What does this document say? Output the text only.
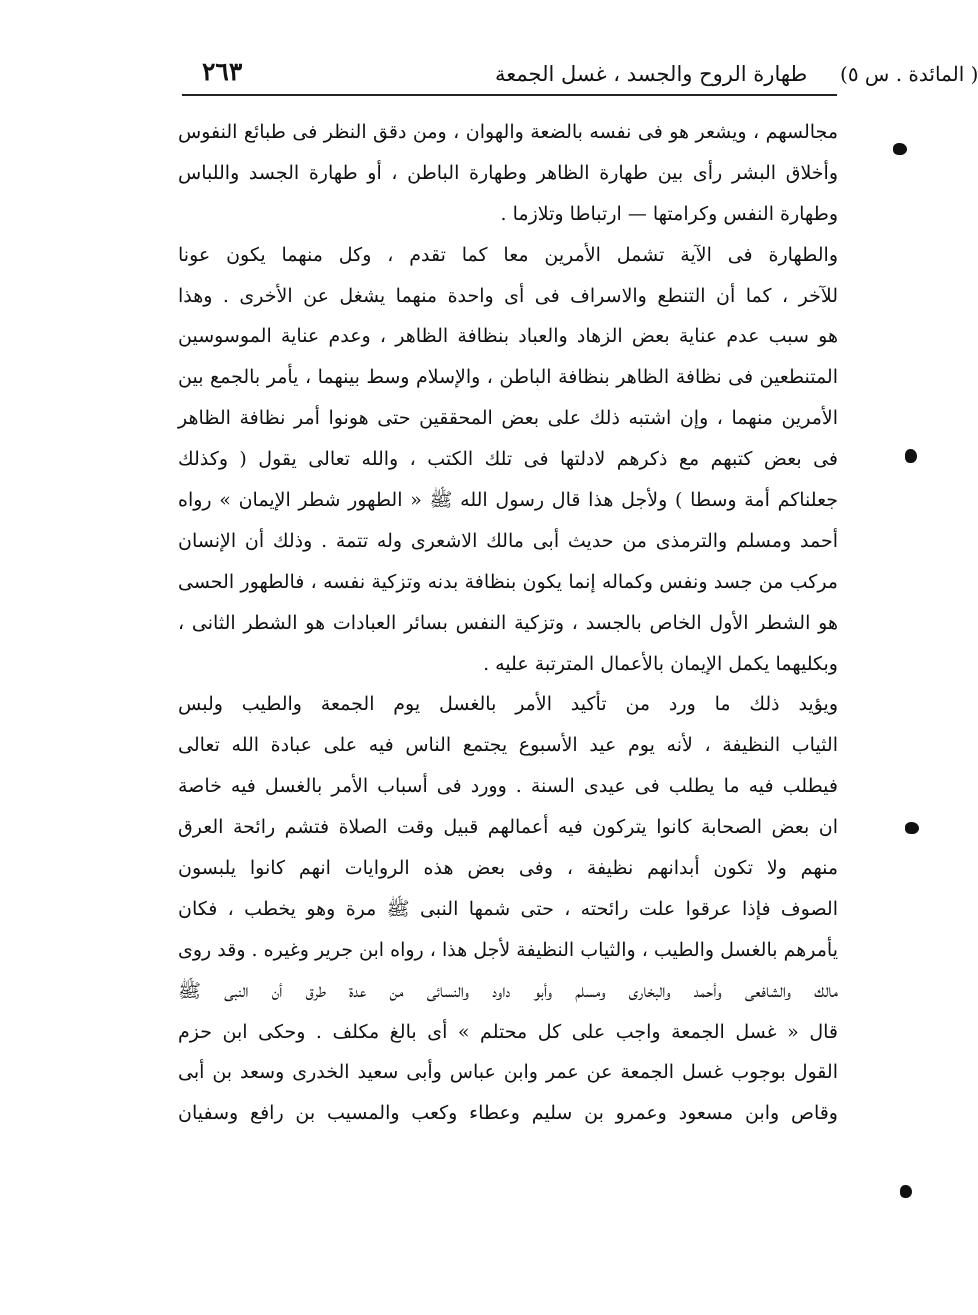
٢٦٣	طهارة الروح والجسد ، غسل الجمعة ( المائدة . س ٥)
مجالسهم ، ويشعر هو فى نفسه بالضعة والهوان ، ومن دقق النظر فى طبائع النفوس
وأخلاق البشر رأى بين طهارة الظاهر وطهارة الباطن ، أو طهارة الجسد واللباس
وطهارة النفس وكرامتها — ارتباطا وتلازما .
والطهارة فى الآية تشمل الأمرين معا كما تقدم ، وكل منهما يكون عونا
للآخر ، كما أن التنطع والاسراف فى أى واحدة منهما يشغل عن الأخرى . وهذا
هو سبب عدم عناية بعض الزهاد والعباد بنظافة الظاهر ، وعدم عناية الموسوسين
المتنطعين فى نظافة الظاهر بنظافة الباطن ، والإسلام وسط بينهما ، يأمر بالجمع بين
الأمرين منهما ، وإن اشتبه ذلك على بعض المحققين حتى هونوا أمر نظافة الظاهر
فى بعض كتبهم مع ذكرهم لادلتها فى تلك الكتب ، والله تعالى يقول ( وكذلك
جعلناكم أمة وسطا ) ولأجل هذا قال رسول الله ﷺ « الطهور شطر الإيمان » رواه
أحمد ومسلم والترمذى من حديث أبى مالك الاشعرى وله تتمة . وذلك أن الإنسان
مركب من جسد ونفس وكماله إنما يكون بنظافة بدنه وتزكية نفسه ، فالطهور الحسى
هو الشطر الأول الخاص بالجسد ، وتزكية النفس بسائر العبادات هو الشطر الثانى ،
وبكليهما يكمل الإيمان بالأعمال المترتبة عليه .
ويؤيد ذلك ما ورد من تأكيد الأمر بالغسل يوم الجمعة والطيب ولبس
الثياب النظيفة ، لأنه يوم عيد الأسبوع يجتمع الناس فيه على عبادة الله تعالى
فيطلب فيه ما يطلب فى عيدى السنة . وورد فى أسباب الأمر بالغسل فيه خاصة
ان بعض الصحابة كانوا يتركون فيه أعمالهم قبيل وقت الصلاة فتشم رائحة العرق
منهم ولا تكون أبدانهم نظيفة ، وفى بعض هذه الروايات انهم كانوا يلبسون
الصوف فإذا عرقوا علت رائحته ، حتى شمها النبى ﷺ مرة وهو يخطب ، فكان
يأمرهم بالغسل والطيب ، والثياب النظيفة لأجل هذا ، رواه ابن جرير وغيره . وقد روى
مالك والشافعى وأحمد والبخارى ومسلم وأبو داود والنسائى من عدة طرق أن النبى ﷺ
قال « غسل الجمعة واجب على كل محتلم » أى بالغ مكلف . وحكى ابن حزم
القول بوجوب غسل الجمعة عن عمر وابن عباس وأبى سعيد الخدرى وسعد بن أبى
وقاص وابن مسعود وعمرو بن سليم وعطاء وكعب والمسيب بن رافع وسفيان
